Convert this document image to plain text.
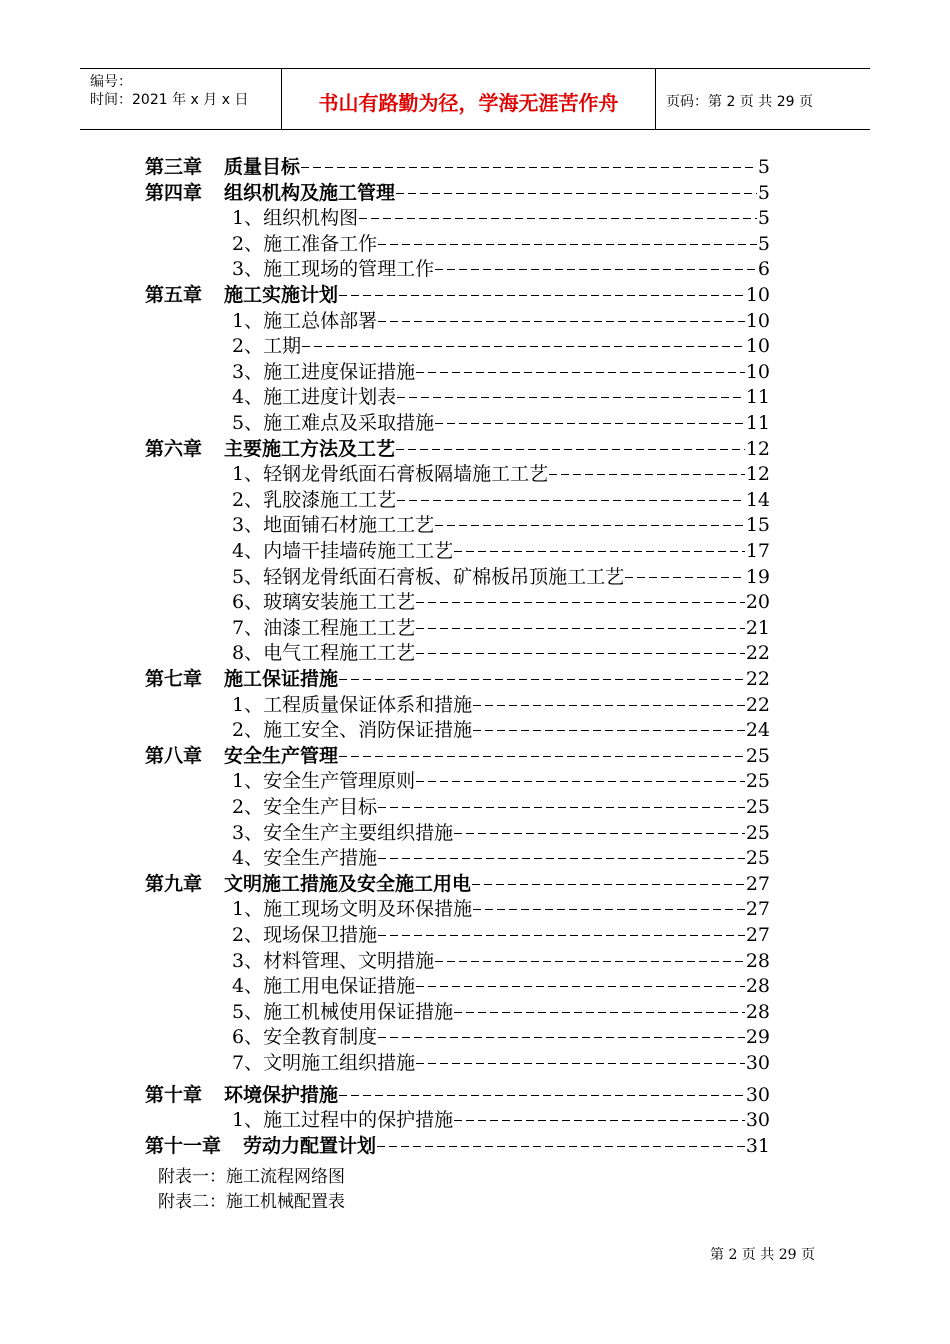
编号：
时间：2021 年 x 月 x 日	书山有路勤为径，学海无涯苦作舟	页码：第 2 页 共 29 页
第三章 质量目标	5
第四章 组织机构及施工管理	5
1、组织机构图	5
2、施工准备工作	5
3、施工现场的管理工作	6
第五章 施工实施计划	10
1、施工总体部署	10
2、工期	10
3、施工进度保证措施	10
4、施工进度计划表	11
5、施工难点及采取措施	11
第六章 主要施工方法及工艺	12
1、轻钢龙骨纸面石膏板隔墙施工工艺	12
2、乳胶漆施工工艺	14
3、地面铺石材施工工艺	15
4、内墙干挂墙砖施工工艺	17
5、轻钢龙骨纸面石膏板、矿棉板吊顶施工工艺	19
6、玻璃安装施工工艺	20
7、油漆工程施工工艺	21
8、电气工程施工工艺	22
第七章 施工保证措施	22
1、工程质量保证体系和措施	22
2、施工安全、消防保证措施	24
第八章 安全生产管理	25
1、安全生产管理原则	25
2、安全生产目标	25
3、安全生产主要组织措施	25
4、安全生产措施	25
第九章 文明施工措施及安全施工用电	27
1、施工现场文明及环保措施	27
2、现场保卫措施	27
3、材料管理、文明措施	28
4、施工用电保证措施	28
5、施工机械使用保证措施	28
6、安全教育制度	29
7、文明施工组织措施	30
第十章 环境保护措施	30
1、施工过程中的保护措施	30
第十一章 劳动力配置计划	31
附表一：施工流程网络图
附表二：施工机械配置表
第 2 页 共 29 页
